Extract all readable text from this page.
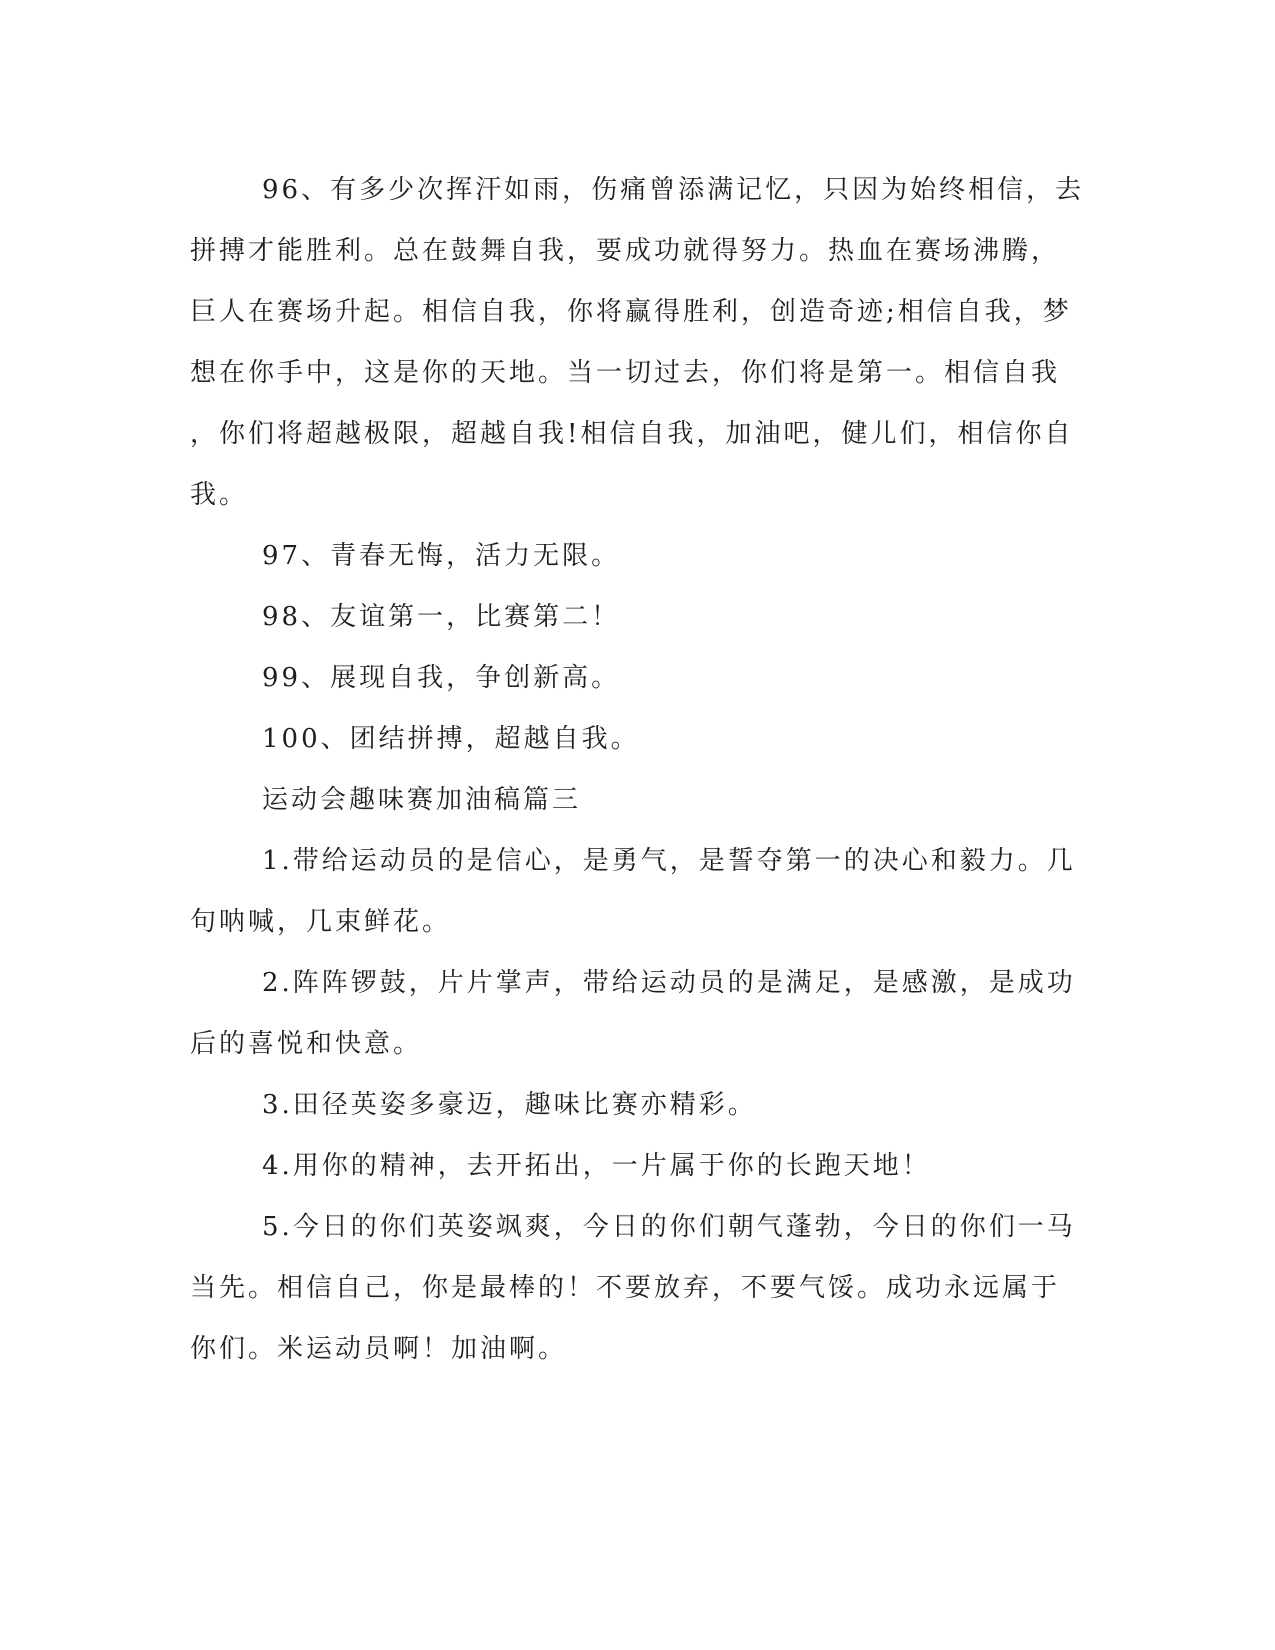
96、有多少次挥汗如雨，伤痛曾添满记忆，只因为始终相信，去
拼搏才能胜利。总在鼓舞自我，要成功就得努力。热血在赛场沸腾，
巨人在赛场升起。相信自我，你将赢得胜利，创造奇迹;相信自我，梦
想在你手中，这是你的天地。当一切过去，你们将是第一。相信自我
，你们将超越极限，超越自我!相信自我，加油吧，健儿们，相信你自
我。
97、青春无悔，活力无限。
98、友谊第一，比赛第二！
99、展现自我，争创新高。
100、团结拼搏，超越自我。
运动会趣味赛加油稿篇三
1.带给运动员的是信心，是勇气，是誓夺第一的决心和毅力。几
句呐喊，几束鲜花。
2.阵阵锣鼓，片片掌声，带给运动员的是满足，是感激，是成功
后的喜悦和快意。
3.田径英姿多豪迈，趣味比赛亦精彩。
4.用你的精神，去开拓出，一片属于你的长跑天地！
5.今日的你们英姿飒爽，今日的你们朝气蓬勃，今日的你们一马
当先。相信自己，你是最棒的！不要放弃，不要气馁。成功永远属于
你们。米运动员啊！加油啊。
